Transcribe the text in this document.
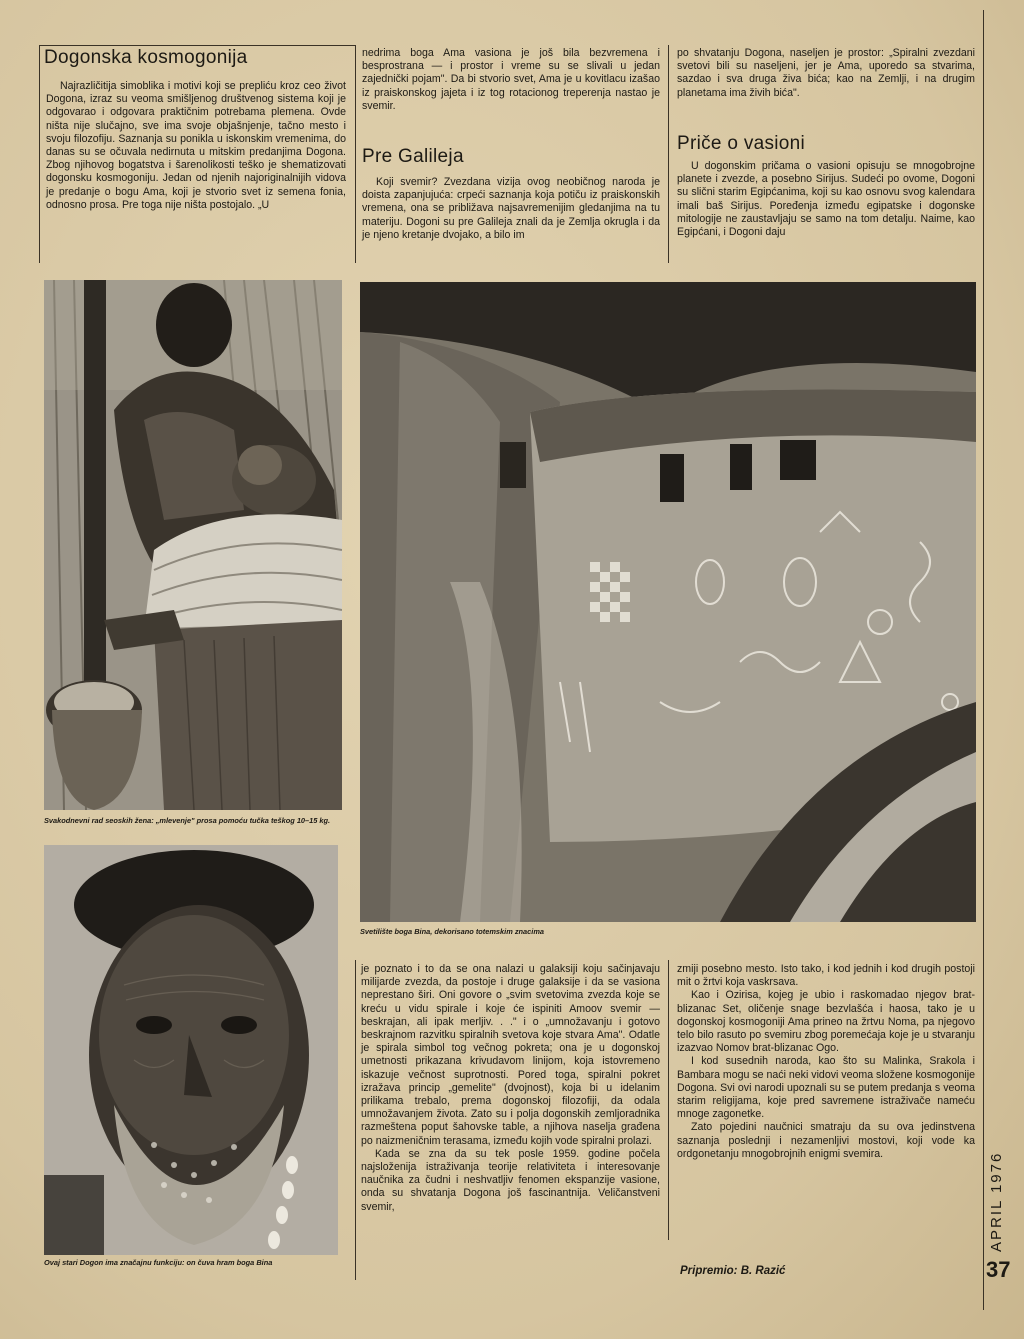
Dogonska kosmogonija

Najrazličitija simoblika i motivi koji se prepliću kroz ceo život Dogona, izraz su veoma smišljenog društvenog sistema koji je odgovarao i odgovara praktičnim potrebama plemena. Ovde ništa nije slučajno, sve ima svoje objašnjenje, tačno mesto i svoju filozofiju. Saznanja su ponikla u iskonskim vremenima, do danas su se očuvala nedirnuta u mitskim predanjima Dogona. Zbog njihovog bogatstva i šarenolikosti teško je shematizovati dogonsku kosmogoniju. Jedan od njenih najoriginalnijih vidova je predanje o bogu Ama, koji je stvorio svet iz semena fonia, odnosno prosa. Pre toga nije ništa postojalo. „U

nedrima boga Ama vasiona je još bila bezvremena i besprostrana — i prostor i vreme su se slivali u jedan zajednički pojam". Da bi stvorio svet, Ama je u kovitlacu izašao iz praiskonskog jajeta i iz tog rotacionog treperenja nastao je svemir.

Pre Galileja

Koji svemir? Zvezdana vizija ovog neobičnog naroda je doista zapanjujuća: crpeći saznanja koja potiču iz praiskonskih vremena, ona se približava najsavremenijim gledanjima na tu materiju. Dogoni su pre Galileja znali da je Zemlja okrugla i da je njeno kretanje dvojako, a bilo im

po shvatanju Dogona, naseljen je prostor: „Spiralni zvezdani svetovi bili su naseljeni, jer je Ama, uporedo sa stvarima, sazdao i sva druga živa bića; kao na Zemlji, i na drugim planetama ima živih bića".

Priče o vasioni

U dogonskim pričama o vasioni opisuju se mnogobrojne planete i zvezde, a posebno Sirijus. Sudeći po ovome, Dogoni su slični starim Egipćanima, koji su kao osnovu svog kalendara imali baš Sirijus. Poređenja između egipatske i dogonske mitologije ne zaustavljaju se samo na tom detalju. Naime, kao Egipćani, i Dogoni daju

Svakodnevni rad seoskih žena: „mlevenje" prosa pomoću tučka teškog 10–15 kg.
Ovaj stari Dogon ima značajnu funkciju: on čuva hram boga Bina
Svetilište boga Bina, dekorisano totemskim znacima

je poznato i to da se ona nalazi u galaksiji koju sačinjavaju milijarde zvezda, da postoje i druge galaksije i da se vasiona neprestano širi. Oni govore o „svim svetovima zvezda koje se kreću u vidu spirale i koje će ispiniti Amoov svemir — beskrajan, ali ipak merljiv. . ." i o „umnožavanju i gotovo beskrajnom razvitku spiralnih svetova koje stvara Ama". Odatle je spirala simbol tog večnog pokreta; ona je u dogonskoj umetnosti prikazana krivudavom linijom, koja istovremeno iskazuje večnost suprotnosti. Pored toga, spiralni pokret izražava princip „gemelite" (dvojnost), koja bi u idelanim prilikama trebalo, prema dogonskoj filozofiji, da odala umnožavanjem života. Zato su i polja dogonskih zemljoradnika razmeštena poput šahovske table, a njihova naselja građena po naizmeničnim terasama, između kojih vode spiralni prolazi.

Kada se zna da su tek posle 1959. godine počela najsloženija istraživanja teorije relativiteta i interesovanje naučnika za čudni i neshvatljiv fenomen ekspanzije vasione, onda su shvatanja Dogona još fascinantnija. Veličanstveni svemir,

zmiji posebno mesto. Isto tako, i kod jednih i kod drugih postoji mit o žrtvi koja vaskrsava.

Kao i Ozirisa, kojeg je ubio i raskomadao njegov brat-blizanac Set, oličenje snage bezvlašća i haosa, tako je u dogonskoj kosmogoniji Ama prineo na žrtvu Noma, pa njegovo telo bilo rasuto po svemiru zbog poremećaja koje je u stvaranju izazvao Nomov brat-blizanac Ogo.

I kod susednih naroda, kao što su Malinka, Srakola i Bambara mogu se naći neki vidovi veoma složene kosmogonije Dogona. Svi ovi narodi upoznali su se putem predanja s veoma starim religijama, koje pred savremene istraživače nameću mnoge zagonetke.

Zato pojedini naučnici smatraju da su ova jedinstvena saznanja poslednji i nezamenljivi mostovi, koji vode ka ordgonetanju mnogobrojnih enigmi svemira.

Pripremio: B. Razić
APRIL 1976
37
